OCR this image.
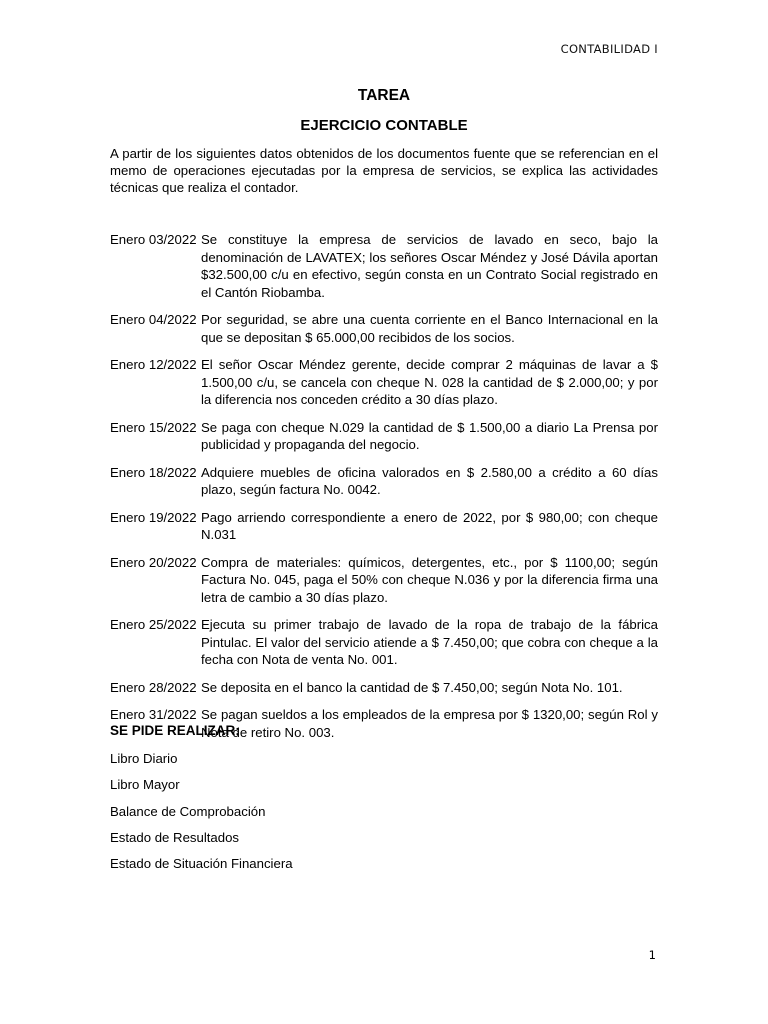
CONTABILIDAD I
TAREA
EJERCICIO CONTABLE

A partir de los siguientes datos obtenidos de los documentos fuente que se referencian en el memo de operaciones ejecutadas por la empresa de servicios, se explica las actividades técnicas que realiza el contador.

Enero 03/2022 Se constituye la empresa de servicios de lavado en seco, bajo la denominación de LAVATEX; los señores Oscar Méndez y José Dávila aportan $32.500,00 c/u en efectivo, según consta en un Contrato Social registrado en el Cantón Riobamba.
Enero 04/2022 Por seguridad, se abre una cuenta corriente en el Banco Internacional en la que se depositan $ 65.000,00 recibidos de los socios.
Enero 12/2022 El señor Oscar Méndez gerente, decide comprar 2 máquinas de lavar a $ 1.500,00 c/u, se cancela con cheque N. 028 la cantidad de $ 2.000,00; y por la diferencia nos conceden crédito a 30 días plazo.
Enero 15/2022 Se paga con cheque N.029 la cantidad de $ 1.500,00 a diario La Prensa por publicidad y propaganda del negocio.
Enero 18/2022 Adquiere muebles de oficina valorados en $ 2.580,00 a crédito a 60 días plazo, según factura No. 0042.
Enero 19/2022 Pago arriendo correspondiente a enero de 2022, por $ 980,00; con cheque N.031
Enero 20/2022 Compra de materiales: químicos, detergentes, etc., por $ 1100,00; según Factura No. 045, paga el 50% con cheque N.036 y por la diferencia firma una letra de cambio a 30 días plazo.
Enero 25/2022 Ejecuta su primer trabajo de lavado de la ropa de trabajo de la fábrica Pintulac. El valor del servicio atiende a $ 7.450,00; que cobra con cheque a la fecha con Nota de venta No. 001.
Enero 28/2022 Se deposita en el banco la cantidad de $ 7.450,00; según Nota No. 101.
Enero 31/2022 Se pagan sueldos a los empleados de la empresa por $ 1320,00; según Rol y Nota de retiro No. 003.
SE PIDE REALIZAR:
Libro Diario
Libro Mayor
Balance de Comprobación
Estado de Resultados
Estado de Situación Financiera
1
